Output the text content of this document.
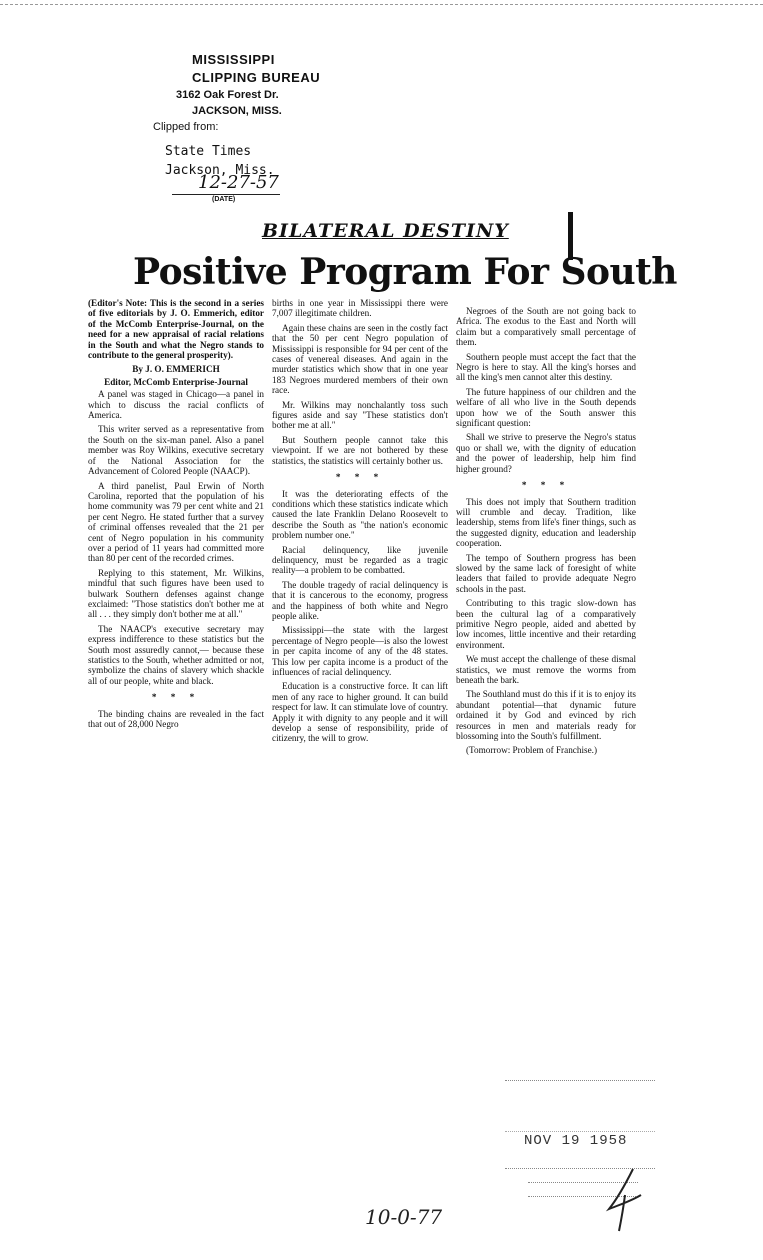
MISSISSIPPI
CLIPPING BUREAU
3162 Oak Forest Dr.
JACKSON, MISS.
Clipped from:
State Times
Jackson, Miss.
12-27-57
(DATE)
BILATERAL DESTINY
Positive Program For South

(Editor's Note: This is the second in a series of five editorials by J. O. Emmerich, editor of the McComb Enterprise-Journal, on the need for a new appraisal of racial relations in the South and what the Negro stands to contribute to the general prosperity).

By J. O. EMMERICH

Editor, McComb Enterprise-Journal

A panel was staged in Chicago—a panel in which to discuss the racial conflicts of America.

This writer served as a representative from the South on the six-man panel. Also a panel member was Roy Wilkins, executive secretary of the National Association for the Advancement of Colored People (NAACP).

A third panelist, Paul Erwin of North Carolina, reported that the population of his home community was 79 per cent white and 21 per cent Negro. He stated further that a survey of criminal offenses revealed that the 21 per cent of Negro population in his community over a period of 11 years had committed more than 80 per cent of the recorded crimes.

Replying to this statement, Mr. Wilkins, mindful that such figures have been used to bulwark Southern defenses against change exclaimed: "Those statistics don't bother me at all . . . they simply don't bother me at all."

The NAACP's executive secretary may express indifference to these statistics but the South most assuredly cannot,— because these statistics to the South, whether admitted or not, symbolize the chains of slavery which shackle all of our people, white and black.

* * *

The binding chains are revealed in the fact that out of 28,000 Negro

births in one year in Mississippi there were 7,007 illegitimate children.

Again these chains are seen in the costly fact that the 50 per cent Negro population of Mississippi is responsible for 94 per cent of the cases of venereal diseases. And again in the murder statistics which show that in one year 183 Negroes murdered members of their own race.

Mr. Wilkins may nonchalantly toss such figures aside and say "These statistics don't bother me at all."

But Southern people cannot take this viewpoint. If we are not bothered by these statistics, the statistics will certainly bother us.

* * *

It was the deteriorating effects of the conditions which these statistics indicate which caused the late Franklin Delano Roosevelt to describe the South as "the nation's economic problem number one."

Racial delinquency, like juvenile delinquency, must be regarded as a tragic reality—a problem to be combatted.

The double tragedy of racial delinquency is that it is cancerous to the economy, progress and the happiness of both white and Negro people alike.

Mississippi—the state with the largest percentage of Negro people—is also the lowest in per capita income of any of the 48 states. This low per capita income is a product of the influences of racial delinquency.

Education is a constructive force. It can lift men of any race to higher ground. It can build respect for law. It can stimulate love of country. Apply it with dignity to any people and it will develop a sense of responsibility, pride of citizenry, the will to grow.

Negroes of the South are not going back to Africa. The exodus to the East and North will claim but a comparatively small percentage of them.

Southern people must accept the fact that the Negro is here to stay. All the king's horses and all the king's men cannot alter this destiny.

The future happiness of our children and the welfare of all who live in the South depends upon how we of the South answer this significant question:

Shall we strive to preserve the Negro's status quo or shall we, with the dignity of education and the power of leadership, help him find higher ground?

* * *

This does not imply that Southern tradition will crumble and decay. Tradition, like leadership, stems from life's finer things, such as the suggested dignity, education and leadership cooperation.

The tempo of Southern progress has been slowed by the same lack of foresight of white leaders that failed to provide adequate Negro schools in the past.

Contributing to this tragic slow-down has been the cultural lag of a comparatively primitive Negro people, aided and abetted by low incomes, little incentive and their retarding environment.

We must accept the challenge of these dismal statistics, we must remove the worms from beneath the bark.

The Southland must do this if it is to enjoy its abundant potential—that dynamic future ordained it by God and evinced by rich resources in men and materials ready for blossoming into the South's fulfillment.

(Tomorrow: Problem of Franchise.)

NOV 19 1958
10-0-77
